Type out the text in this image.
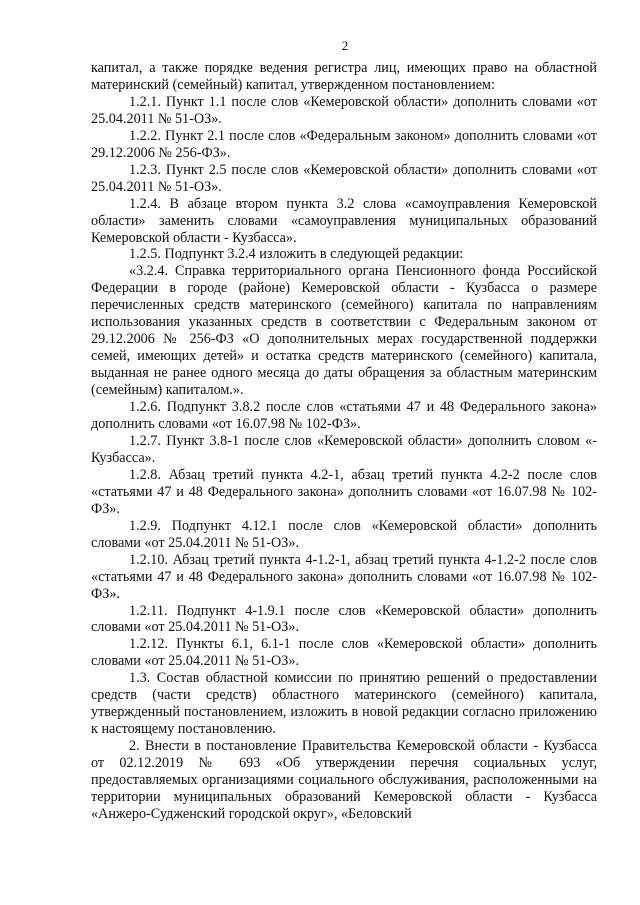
2

капитал, а также порядке ведения регистра лиц, имеющих право на областной материнский (семейный) капитал, утвержденном постановлением:

1.2.1. Пункт 1.1 после слов «Кемеровской области» дополнить словами «от 25.04.2011 № 51-ОЗ».

1.2.2. Пункт 2.1 после слов «Федеральным законом» дополнить словами «от 29.12.2006 № 256-ФЗ».

1.2.3. Пункт 2.5 после слов «Кемеровской области» дополнить словами «от 25.04.2011 № 51-ОЗ».

1.2.4. В абзаце втором пункта 3.2 слова «самоуправления Кемеровской области» заменить словами «самоуправления муниципальных образований Кемеровской области - Кузбасса».

1.2.5. Подпункт 3.2.4 изложить в следующей редакции:

«3.2.4. Справка территориального органа Пенсионного фонда Российской Федерации в городе (районе) Кемеровской области - Кузбасса о размере перечисленных средств материнского (семейного) капитала по направлениям использования указанных средств в соответствии с Федеральным законом от 29.12.2006 № 256-ФЗ «О дополнительных мерах государственной поддержки семей, имеющих детей» и остатка средств материнского (семейного) капитала, выданная не ранее одного месяца до даты обращения за областным материнским (семейным) капиталом.».

1.2.6. Подпункт 3.8.2 после слов «статьями 47 и 48 Федерального закона» дополнить словами «от 16.07.98 № 102-ФЗ».

1.2.7. Пункт 3.8-1 после слов «Кемеровской области» дополнить словом «- Кузбасса».

1.2.8. Абзац третий пункта 4.2-1, абзац третий пункта 4.2-2 после слов «статьями 47 и 48 Федерального закона» дополнить словами «от 16.07.98 № 102-ФЗ».

1.2.9. Подпункт 4.12.1 после слов «Кемеровской области» дополнить словами «от 25.04.2011 № 51-ОЗ».

1.2.10. Абзац третий пункта 4-1.2-1, абзац третий пункта 4-1.2-2 после слов «статьями 47 и 48 Федерального закона» дополнить словами «от 16.07.98 № 102-ФЗ».

1.2.11. Подпункт 4-1.9.1 после слов «Кемеровской области» дополнить словами «от 25.04.2011 № 51-ОЗ».

1.2.12. Пункты 6.1, 6.1-1 после слов «Кемеровской области» дополнить словами «от 25.04.2011 № 51-ОЗ».

1.3. Состав областной комиссии по принятию решений о предоставлении средств (части средств) областного материнского (семейного) капитала, утвержденный постановлением, изложить в новой редакции согласно приложению к настоящему постановлению.

2. Внести в постановление Правительства Кемеровской области - Кузбасса от 02.12.2019 № 693 «Об утверждении перечня социальных услуг, предоставляемых организациями социального обслуживания, расположенными на территории муниципальных образований Кемеровской области - Кузбасса «Анжеро-Судженский городской округ», «Беловский
